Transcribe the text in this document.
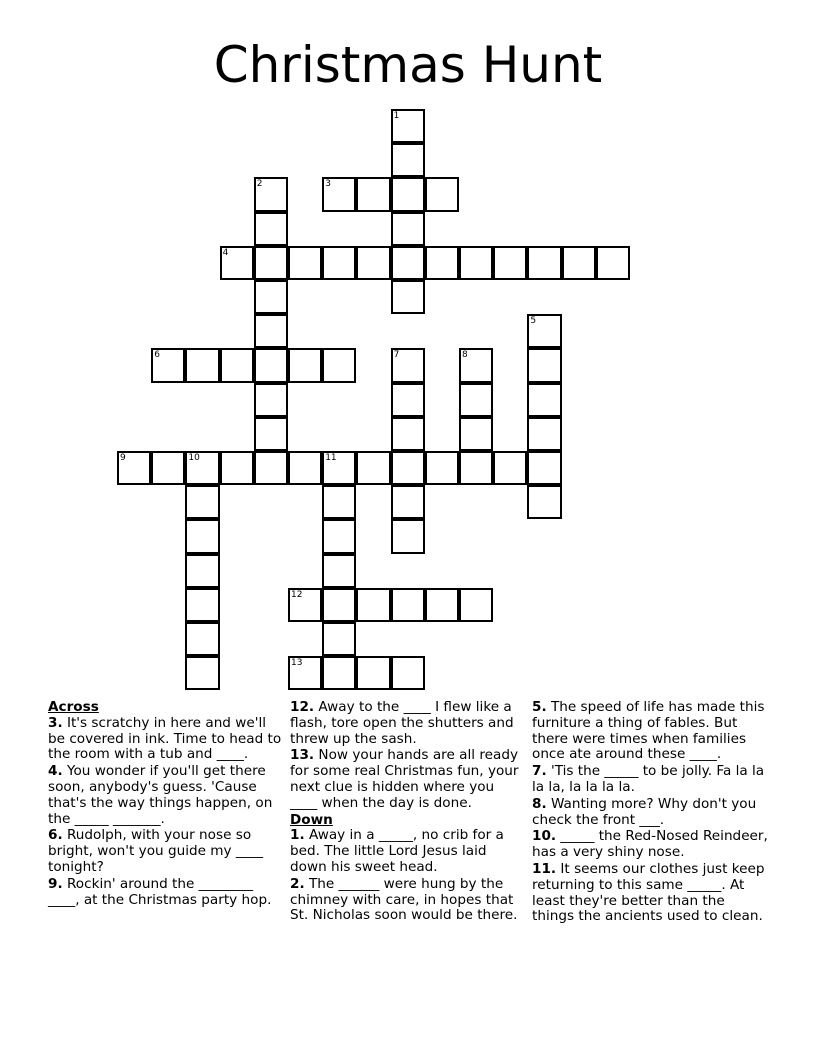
Christmas Hunt
1
2	3
4
5
6	7	8
9	10	11
12
13
Across
3. It's scratchy in here and we'll be covered in ink. Time to head to the room with a tub and ____.
4. You wonder if you'll get there soon, anybody's guess. 'Cause that's the way things happen, on the _____ _______.
6. Rudolph, with your nose so bright, won't you guide my ____ tonight?
9. Rockin' around the ________ ____, at the Christmas party hop.
12. Away to the ____ I flew like a flash, tore open the shutters and threw up the sash.
13. Now your hands are all ready for some real Christmas fun, your next clue is hidden where you ____ when the day is done.
Down
1. Away in a _____, no crib for a bed. The little Lord Jesus laid down his sweet head.
2. The ______ were hung by the chimney with care, in hopes that St. Nicholas soon would be there.
5. The speed of life has made this furniture a thing of fables. But there were times when families once ate around these ____.
7. 'Tis the _____ to be jolly. Fa la la la la, la la la la.
8. Wanting more? Why don't you check the front ___.
10. _____ the Red-Nosed Reindeer, has a very shiny nose.
11. It seems our clothes just keep returning to this same _____. At least they're better than the things the ancients used to clean.
